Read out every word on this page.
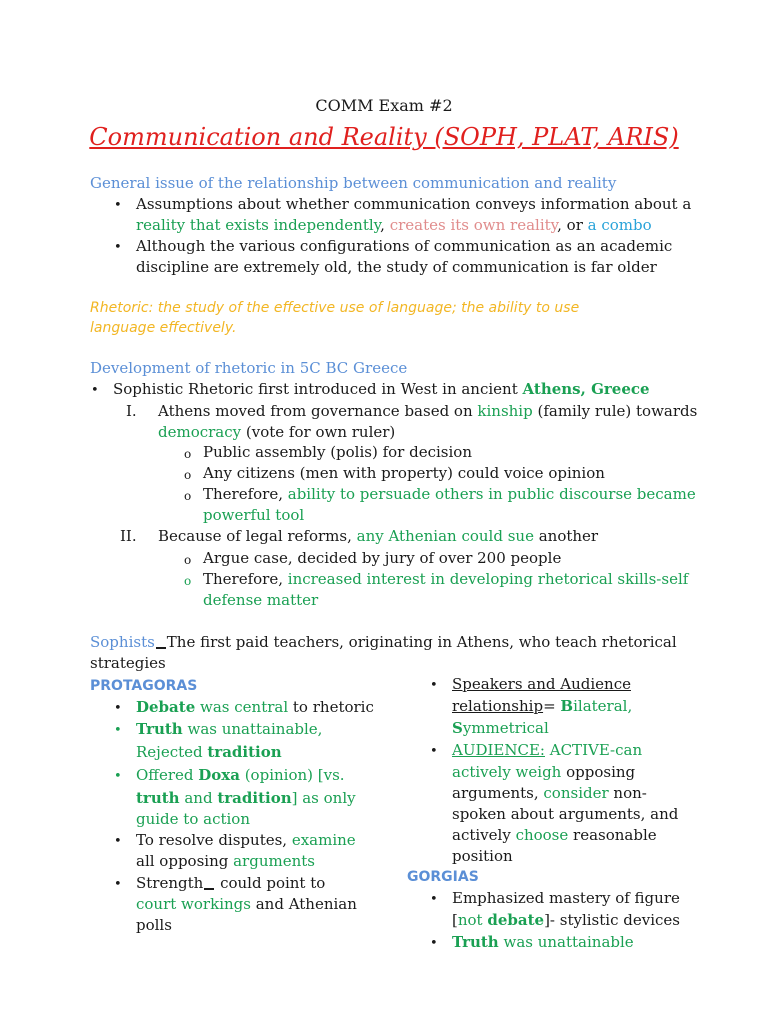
COMM Exam #2
Communication and Reality (SOPH, PLAT, ARIS)
General issue of the relationship between communication and reality
• Assumptions about whether communication conveys information about a
reality that exists independently, creates its own reality, or a combo
• Although the various configurations of communication as an academic
discipline are extremely old, the study of communication is far older
Rhetoric: the study of the effective use of language; the ability to use
language effectively.
Development of rhetoric in 5C BC Greece
• Sophistic Rhetoric first introduced in West in ancient Athens, Greece
I. Athens moved from governance based on kinship (family rule) towards
democracy (vote for own ruler)
o Public assembly (polis) for decision
o Any citizens (men with property) could voice opinion
o Therefore, ability to persuade others in public discourse became
powerful tool
II. Because of legal reforms, any Athenian could sue another
o Argue case, decided by jury of over 200 people
o Therefore, increased interest in developing rhetorical skills-self
defense matter
Sophists The first paid teachers, originating in Athens, who teach rhetorical
strategies
PROTAGORAS
• Debate was central to rhetoric
• Truth was unattainable,
Rejected tradition
• Offered Doxa (opinion) [vs.
truth and tradition] as only
guide to action
• To resolve disputes, examine
all opposing arguments
• Strength could point to
court workings and Athenian
polls
• Speakers and Audience
relationship= Bilateral,
Symmetrical
• AUDIENCE: ACTIVE-can
actively weigh opposing
arguments, consider non-
spoken about arguments, and
actively choose reasonable
position
GORGIAS
• Emphasized mastery of figure
[not debate]- stylistic devices
• Truth was unattainable
